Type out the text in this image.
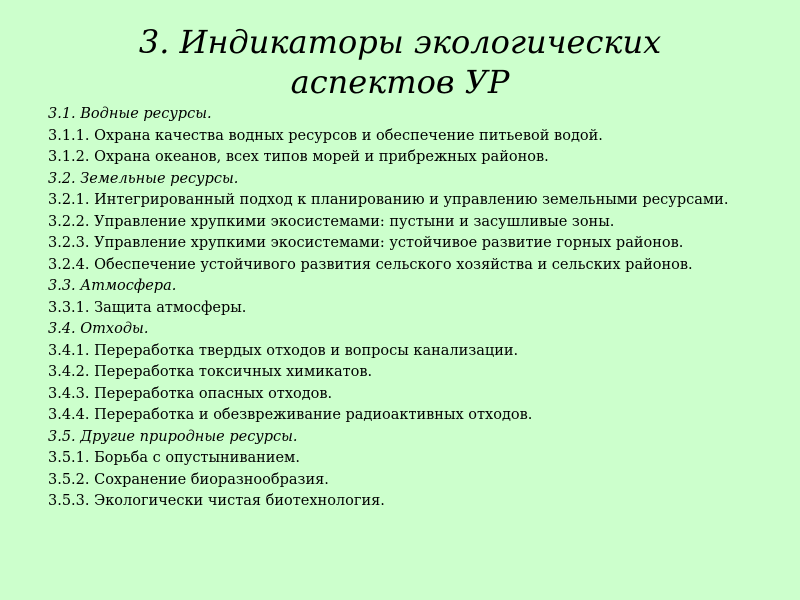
3. Индикаторы экологических
аспектов УР
3.1. Водные ресурсы.
3.1.1. Охрана качества водных ресурсов и обеспечение питьевой водой.
3.1.2. Охрана океанов, всех типов морей и прибрежных районов.
3.2. Земельные ресурсы.
3.2.1. Интегрированный подход к планированию и управлению земельными ресурсами.
3.2.2. Управление хрупкими экосистемами: пустыни и засушливые зоны.
3.2.3. Управление хрупкими экосистемами: устойчивое развитие горных районов.
3.2.4. Обеспечение устойчивого развития сельского хозяйства и сельских районов.
3.3. Атмосфера.
3.3.1. Защита атмосферы.
3.4. Отходы.
3.4.1. Переработка твердых отходов и вопросы канализации.
3.4.2. Переработка токсичных химикатов.
3.4.3. Переработка опасных отходов.
3.4.4. Переработка и обезвреживание радиоактивных отходов.
3.5. Другие природные ресурсы.
3.5.1. Борьба с опустыниванием.
3.5.2. Сохранение биоразнообразия.
3.5.3. Экологически чистая биотехнология.
